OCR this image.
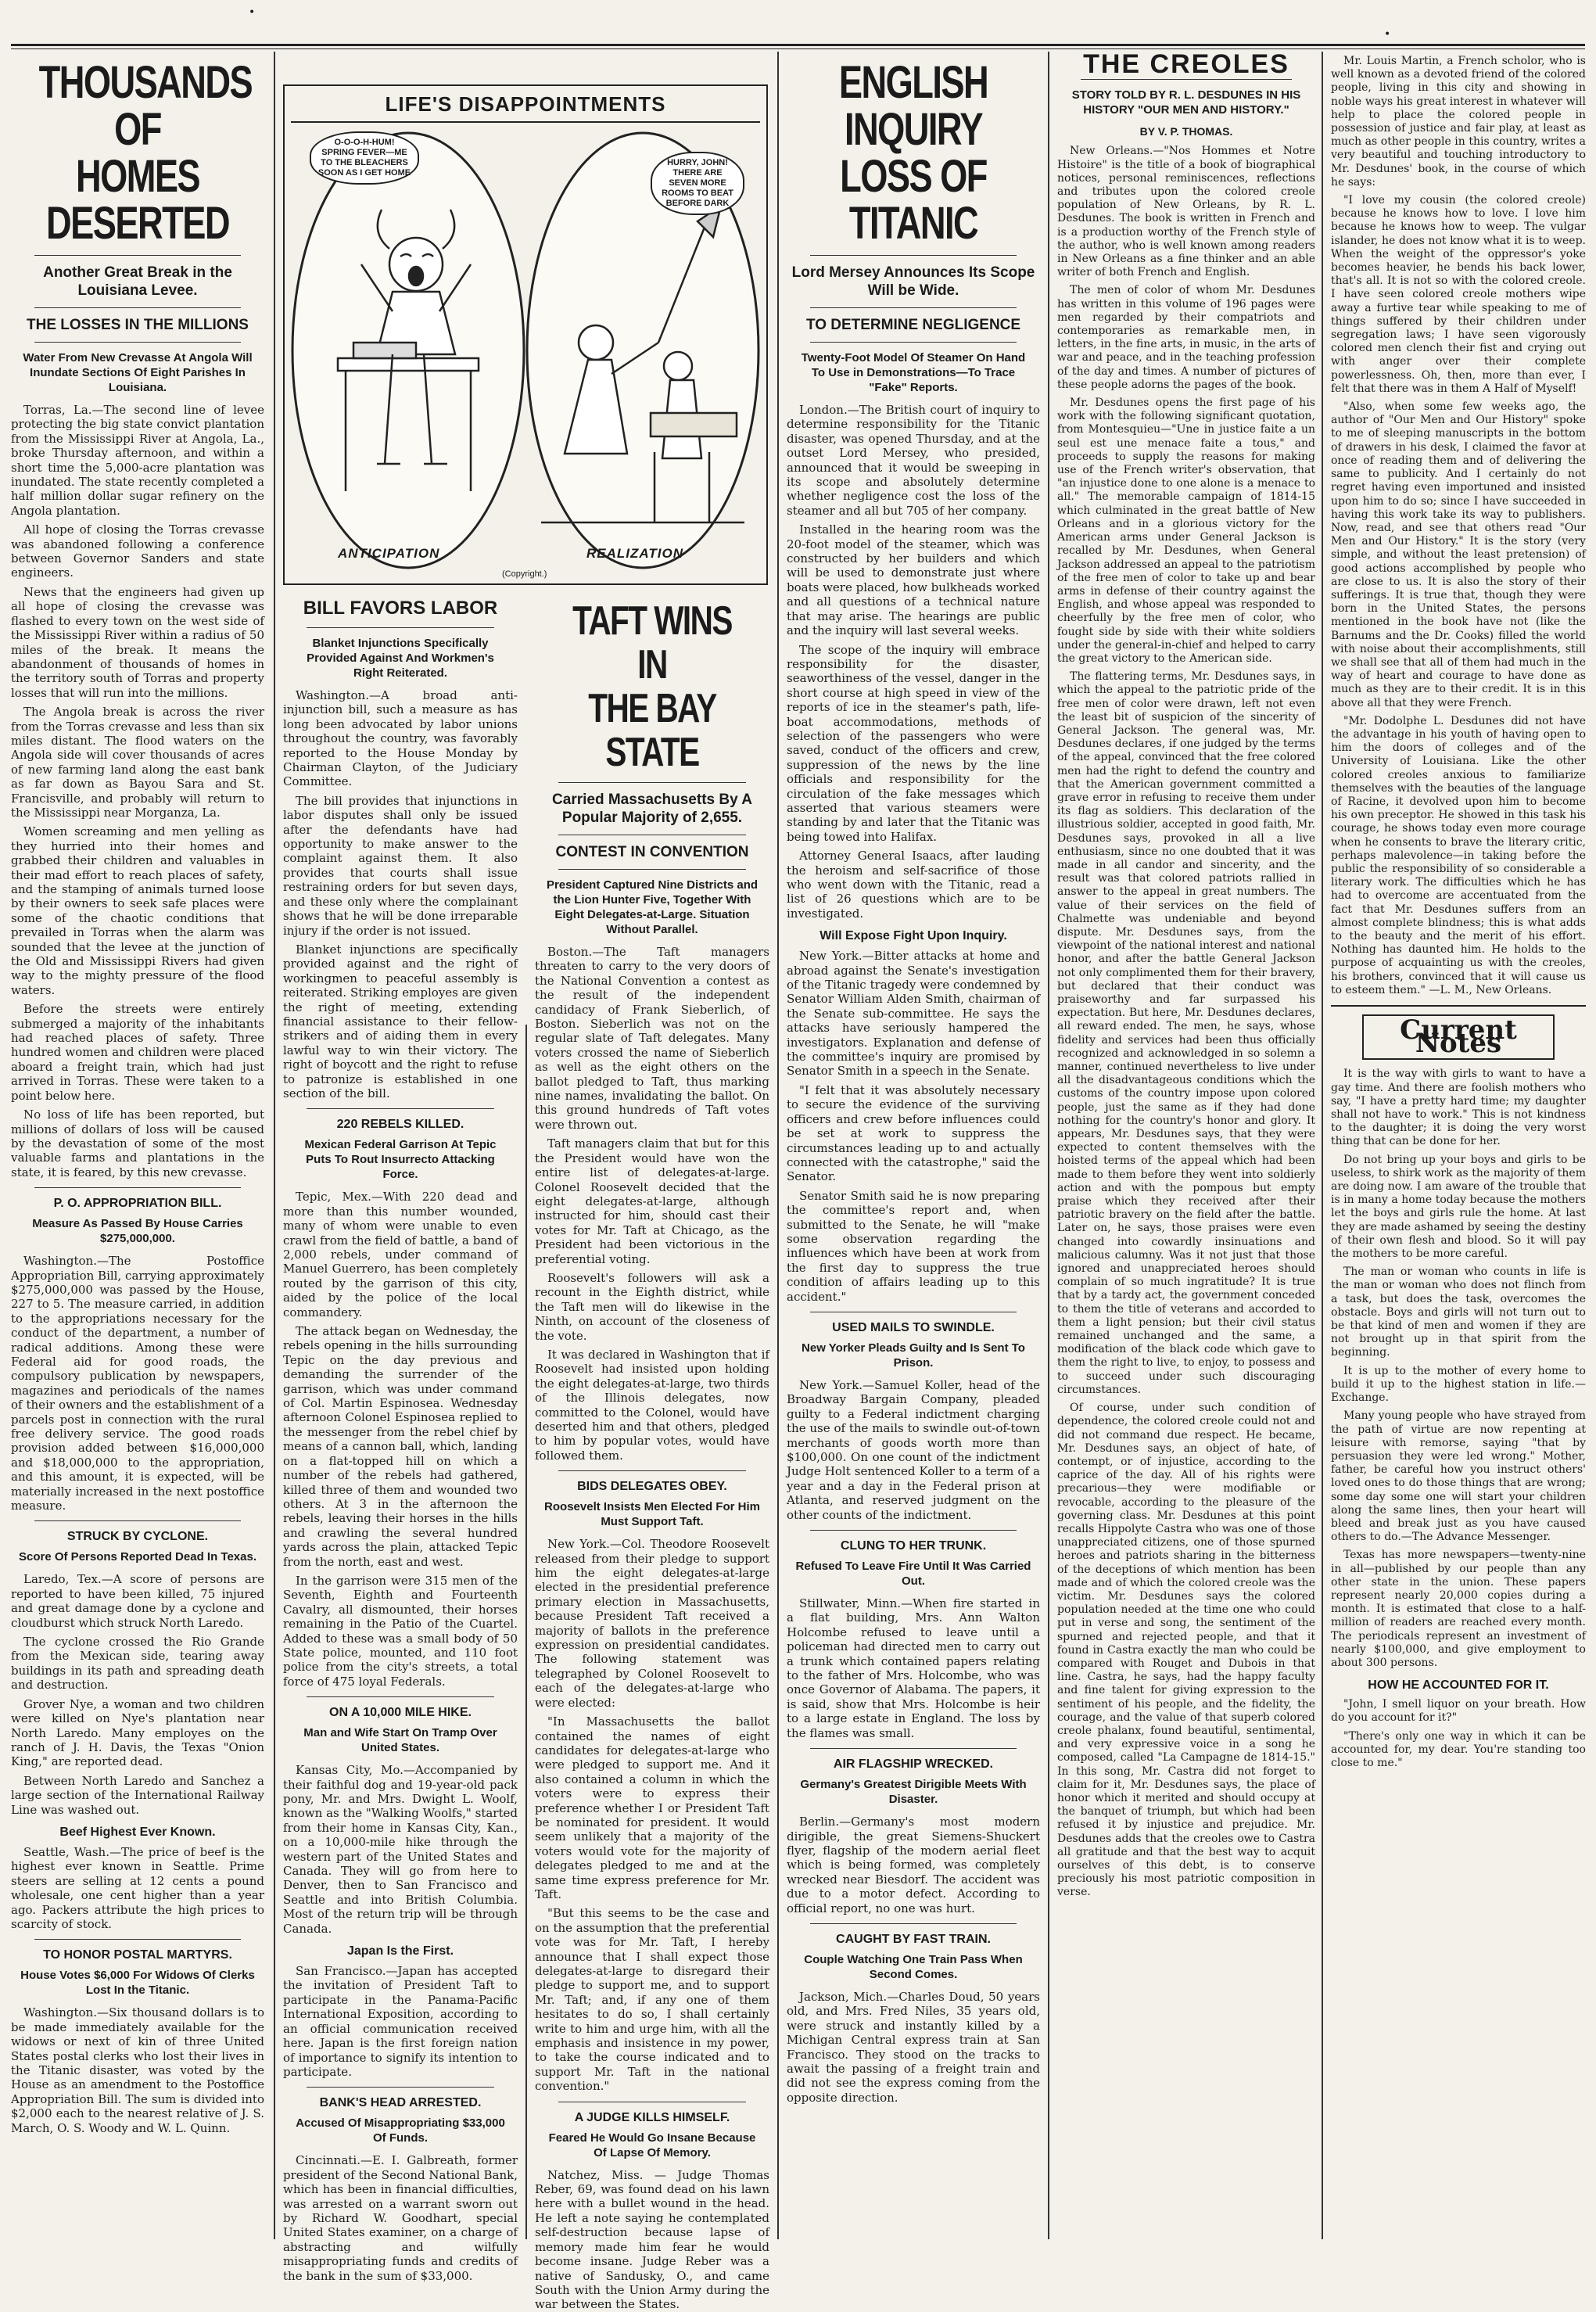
•
•
THOUSANDS OF
HOMES DESERTED
Another Great Break in the Louisiana Levee.
THE LOSSES IN THE MILLIONS
Water From New Crevasse At Angola Will Inundate Sections Of Eight Parishes In Louisiana.

Torras, La.—The second line of levee protecting the big state convict plantation from the Mississippi River at Angola, La., broke Thursday afternoon, and within a short time the 5,000-acre plantation was inundated. The state recently completed a half million dollar sugar refinery on the Angola plantation.

All hope of closing the Torras crevasse was abandoned following a conference between Governor Sanders and state engineers.

News that the engineers had given up all hope of closing the crevasse was flashed to every town on the west side of the Mississippi River within a radius of 50 miles of the break. It means the abandonment of thousands of homes in the territory south of Torras and property losses that will run into the millions.

The Angola break is across the river from the Torras crevasse and less than six miles distant. The flood waters on the Angola side will cover thousands of acres of new farming land along the east bank as far down as Bayou Sara and St. Francisville, and probably will return to the Mississippi near Morganza, La.

Women screaming and men yelling as they hurried into their homes and grabbed their children and valuables in their mad effort to reach places of safety, and the stamping of animals turned loose by their owners to seek safe places were some of the chaotic conditions that prevailed in Torras when the alarm was sounded that the levee at the junction of the Old and Mississippi Rivers had given way to the mighty pressure of the flood waters.

Before the streets were entirely submerged a majority of the inhabitants had reached places of safety. Three hundred women and children were placed aboard a freight train, which had just arrived in Torras. These were taken to a point below here.

No loss of life has been reported, but millions of dollars of loss will be caused by the devastation of some of the most valuable farms and plantations in the state, it is feared, by this new crevasse.

P. O. APPROPRIATION BILL.
Measure As Passed By House Carries $275,000,000.

Washington.—The Postoffice Appropriation Bill, carrying approximately $275,000,000 was passed by the House, 227 to 5. The measure carried, in addition to the appropriations necessary for the conduct of the department, a number of radical additions. Among these were Federal aid for good roads, the compulsory publication by newspapers, magazines and periodicals of the names of their owners and the establishment of a parcels post in connection with the rural free delivery service. The good roads provision added between $16,000,000 and $18,000,000 to the appropriation, and this amount, it is expected, will be materially increased in the next postoffice measure.

STRUCK BY CYCLONE.
Score Of Persons Reported Dead In Texas.

Laredo, Tex.—A score of persons are reported to have been killed, 75 injured and great damage done by a cyclone and cloudburst which struck North Laredo.

The cyclone crossed the Rio Grande from the Mexican side, tearing away buildings in its path and spreading death and destruction.

Grover Nye, a woman and two children were killed on Nye's plantation near North Laredo. Many employes on the ranch of J. H. Davis, the Texas "Onion King," are reported dead.

Between North Laredo and Sanchez a large section of the International Railway Line was washed out.

Beef Highest Ever Known.

Seattle, Wash.—The price of beef is the highest ever known in Seattle. Prime steers are selling at 12 cents a pound wholesale, one cent higher than a year ago. Packers attribute the high prices to scarcity of stock.

TO HONOR POSTAL MARTYRS.
House Votes $6,000 For Widows Of Clerks Lost In the Titanic.

Washington.—Six thousand dollars is to be made immediately available for the widows or next of kin of three United States postal clerks who lost their lives in the Titanic disaster, was voted by the House as an amendment to the Postoffice Appropriation Bill. The sum is divided into $2,000 each to the nearest relative of J. S. March, O. S. Woody and W. L. Quinn.

LIFE'S DISAPPOINTMENTS
O-O-O-H-HUM! SPRING FEVER—ME TO THE BLEACHERS SOON AS I GET HOME
HURRY, JOHN! THERE ARE SEVEN MORE ROOMS TO BEAT BEFORE DARK
ANTICIPATION	REALIZATION
(Copyright.)
BILL FAVORS LABOR
Blanket Injunctions Specifically Provided Against And Workmen's Right Reiterated.

Washington.—A broad anti-injunction bill, such a measure as has long been advocated by labor unions throughout the country, was favorably reported to the House Monday by Chairman Clayton, of the Judiciary Committee.

The bill provides that injunctions in labor disputes shall only be issued after the defendants have had opportunity to make answer to the complaint against them. It also provides that courts shall issue restraining orders for but seven days, and these only where the complainant shows that he will be done irreparable injury if the order is not issued.

Blanket injunctions are specifically provided against and the right of workingmen to peaceful assembly is reiterated. Striking employes are given the right of meeting, extending financial assistance to their fellow-strikers and of aiding them in every lawful way to win their victory. The right of boycott and the right to refuse to patronize is established in one section of the bill.

220 REBELS KILLED.
Mexican Federal Garrison At Tepic Puts To Rout Insurrecto Attacking Force.

Tepic, Mex.—With 220 dead and more than this number wounded, many of whom were unable to even crawl from the field of battle, a band of 2,000 rebels, under command of Manuel Guerrero, has been completely routed by the garrison of this city, aided by the police of the local commandery.

The attack began on Wednesday, the rebels opening in the hills surrounding Tepic on the day previous and demanding the surrender of the garrison, which was under command of Col. Martin Espinosea. Wednesday afternoon Colonel Espinosea replied to the messenger from the rebel chief by means of a cannon ball, which, landing on a flat-topped hill on which a number of the rebels had gathered, killed three of them and wounded two others. At 3 in the afternoon the rebels, leaving their horses in the hills and crawling the several hundred yards across the plain, attacked Tepic from the north, east and west.

In the garrison were 315 men of the Seventh, Eighth and Fourteenth Cavalry, all dismounted, their horses remaining in the Patio of the Cuartel. Added to these was a small body of 50 State police, mounted, and 110 foot police from the city's streets, a total force of 475 loyal Federals.

ON A 10,000 MILE HIKE.
Man and Wife Start On Tramp Over United States.

Kansas City, Mo.—Accompanied by their faithful dog and 19-year-old pack pony, Mr. and Mrs. Dwight L. Woolf, known as the "Walking Woolfs," started from their home in Kansas City, Kan., on a 10,000-mile hike through the western part of the United States and Canada. They will go from here to Denver, then to San Francisco and Seattle and into British Columbia. Most of the return trip will be through Canada.

Japan Is the First.

San Francisco.—Japan has accepted the invitation of President Taft to participate in the Panama-Pacific International Exposition, according to an official communication received here. Japan is the first foreign nation of importance to signify its intention to participate.

BANK'S HEAD ARRESTED.
Accused Of Misappropriating $33,000 Of Funds.

Cincinnati.—E. I. Galbreath, former president of the Second National Bank, which has been in financial difficulties, was arrested on a warrant sworn out by Richard W. Goodhart, special United States examiner, on a charge of abstracting and wilfully misappropriating funds and credits of the bank in the sum of $33,000.

TAFT WINS IN
THE BAY STATE
Carried Massachusetts By A Popular Majority of 2,655.
CONTEST IN CONVENTION
President Captured Nine Districts and the Lion Hunter Five, Together With Eight Delegates-at-Large. Situation Without Parallel.

Boston.—The Taft managers threaten to carry to the very doors of the National Convention a contest as the result of the independent candidacy of Frank Sieberlich, of Boston. Sieberlich was not on the regular slate of Taft delegates. Many voters crossed the name of Sieberlich as well as the eight others on the ballot pledged to Taft, thus marking nine names, invalidating the ballot. On this ground hundreds of Taft votes were thrown out.

Taft managers claim that but for this the President would have won the entire list of delegates-at-large. Colonel Roosevelt decided that the eight delegates-at-large, although instructed for him, should cast their votes for Mr. Taft at Chicago, as the President had been victorious in the preferential voting.

Roosevelt's followers will ask a recount in the Eighth district, while the Taft men will do likewise in the Ninth, on account of the closeness of the vote.

It was declared in Washington that if Roosevelt had insisted upon holding the eight delegates-at-large, two thirds of the Illinois delegates, now committed to the Colonel, would have deserted him and that others, pledged to him by popular votes, would have followed them.

BIDS DELEGATES OBEY.
Roosevelt Insists Men Elected For Him Must Support Taft.

New York.—Col. Theodore Roosevelt released from their pledge to support him the eight delegates-at-large elected in the presidential preference primary election in Massachusetts, because President Taft received a majority of ballots in the preference expression on presidential candidates. The following statement was telegraphed by Colonel Roosevelt to each of the delegates-at-large who were elected:

"In Massachusetts the ballot contained the names of eight candidates for delegates-at-large who were pledged to support me. And it also contained a column in which the voters were to express their preference whether I or President Taft be nominated for president. It would seem unlikely that a majority of the voters would vote for the majority of delegates pledged to me and at the same time express preference for Mr. Taft.

"But this seems to be the case and on the assumption that the preferential vote was for Mr. Taft, I hereby announce that I shall expect those delegates-at-large to disregard their pledge to support me, and to support Mr. Taft; and, if any one of them hesitates to do so, I shall certainly write to him and urge him, with all the emphasis and insistence in my power, to take the course indicated and to support Mr. Taft in the national convention."

A JUDGE KILLS HIMSELF.
Feared He Would Go Insane Because Of Lapse Of Memory.

Natchez, Miss. — Judge Thomas Reber, 69, was found dead on his lawn here with a bullet wound in the head. He left a note saying he contemplated self-destruction because lapse of memory made him fear he would become insane. Judge Reber was a native of Sandusky, O., and came South with the Union Army during the war between the States.

ENGLISH INQUIRY
LOSS OF TITANIC
Lord Mersey Announces Its Scope Will be Wide.
TO DETERMINE NEGLIGENCE
Twenty-Foot Model Of Steamer On Hand To Use in Demonstrations—To Trace "Fake" Reports.

London.—The British court of inquiry to determine responsibility for the Titanic disaster, was opened Thursday, and at the outset Lord Mersey, who presided, announced that it would be sweeping in its scope and absolutely determine whether negligence cost the loss of the steamer and all but 705 of her company.

Installed in the hearing room was the 20-foot model of the steamer, which was constructed by her builders and which will be used to demonstrate just where boats were placed, how bulkheads worked and all questions of a technical nature that may arise. The hearings are public and the inquiry will last several weeks.

The scope of the inquiry will embrace responsibility for the disaster, seaworthiness of the vessel, danger in the short course at high speed in view of the reports of ice in the steamer's path, life-boat accommodations, methods of selection of the passengers who were saved, conduct of the officers and crew, suppression of the news by the line officials and responsibility for the circulation of the fake messages which asserted that various steamers were standing by and later that the Titanic was being towed into Halifax.

Attorney General Isaacs, after lauding the heroism and self-sacrifice of those who went down with the Titanic, read a list of 26 questions which are to be investigated.

Will Expose Fight Upon Inquiry.

New York.—Bitter attacks at home and abroad against the Senate's investigation of the Titanic tragedy were condemned by Senator William Alden Smith, chairman of the Senate sub-committee. He says the attacks have seriously hampered the investigators. Explanation and defense of the committee's inquiry are promised by Senator Smith in a speech in the Senate.

"I felt that it was absolutely necessary to secure the evidence of the surviving officers and crew before influences could be set at work to suppress the circumstances leading up to and actually connected with the catastrophe," said the Senator.

Senator Smith said he is now preparing the committee's report and, when submitted to the Senate, he will "make some observation regarding the influences which have been at work from the first day to suppress the true condition of affairs leading up to this accident."

USED MAILS TO SWINDLE.
New Yorker Pleads Guilty and Is Sent To Prison.

New York.—Samuel Koller, head of the Broadway Bargain Company, pleaded guilty to a Federal indictment charging the use of the mails to swindle out-of-town merchants of goods worth more than $100,000. On one count of the indictment Judge Holt sentenced Koller to a term of a year and a day in the Federal prison at Atlanta, and reserved judgment on the other counts of the indictment.

CLUNG TO HER TRUNK.
Refused To Leave Fire Until It Was Carried Out.

Stillwater, Minn.—When fire started in a flat building, Mrs. Ann Walton Holcombe refused to leave until a policeman had directed men to carry out a trunk which contained papers relating to the father of Mrs. Holcombe, who was once Governor of Alabama. The papers, it is said, show that Mrs. Holcombe is heir to a large estate in England. The loss by the flames was small.

AIR FLAGSHIP WRECKED.
Germany's Greatest Dirigible Meets With Disaster.

Berlin.—Germany's most modern dirigible, the great Siemens-Shuckert flyer, flagship of the modern aerial fleet which is being formed, was completely wrecked near Biesdorf. The accident was due to a motor defect. According to official report, no one was hurt.

CAUGHT BY FAST TRAIN.
Couple Watching One Train Pass When Second Comes.

Jackson, Mich.—Charles Doud, 50 years old, and Mrs. Fred Niles, 35 years old, were struck and instantly killed by a Michigan Central express train at San Francisco. They stood on the tracks to await the passing of a freight train and did not see the express coming from the opposite direction.

THE CREOLES
STORY TOLD BY R. L. DESDUNES IN HIS HISTORY "OUR MEN AND HISTORY."
BY V. P. THOMAS.

New Orleans.—"Nos Hommes et Notre Histoire" is the title of a book of biographical notices, personal reminiscences, reflections and tributes upon the colored creole population of New Orleans, by R. L. Desdunes. The book is written in French and is a production worthy of the French style of the author, who is well known among readers in New Orleans as a fine thinker and an able writer of both French and English.

The men of color of whom Mr. Desdunes has written in this volume of 196 pages were men regarded by their compatriots and contemporaries as remarkable men, in letters, in the fine arts, in music, in the arts of war and peace, and in the teaching profession of the day and times. A number of pictures of these people adorns the pages of the book.

Mr. Desdunes opens the first page of his work with the following significant quotation, from Montesquieu—"Une in justice faite a un seul est une menace faite a tous," and proceeds to supply the reasons for making use of the French writer's observation, that "an injustice done to one alone is a menace to all." The memorable campaign of 1814-15 which culminated in the great battle of New Orleans and in a glorious victory for the American arms under General Jackson is recalled by Mr. Desdunes, when General Jackson addressed an appeal to the patriotism of the free men of color to take up and bear arms in defense of their country against the English, and whose appeal was responded to cheerfully by the free men of color, who fought side by side with their white soldiers under the general-in-chief and helped to carry the great victory to the American side.

The flattering terms, Mr. Desdunes says, in which the appeal to the patriotic pride of the free men of color were drawn, left not even the least bit of suspicion of the sincerity of General Jackson. The general was, Mr. Desdunes declares, if one judged by the terms of the appeal, convinced that the free colored men had the right to defend the country and that the American government committed a grave error in refusing to receive them under its flag as soldiers. This declaration of the illustrious soldier, accepted in good faith, Mr. Desdunes says, provoked in all a live enthusiasm, since no one doubted that it was made in all candor and sincerity, and the result was that colored patriots rallied in answer to the appeal in great numbers. The value of their services on the field of Chalmette was undeniable and beyond dispute. Mr. Desdunes says, from the viewpoint of the national interest and national honor, and after the battle General Jackson not only complimented them for their bravery, but declared that their conduct was praiseworthy and far surpassed his expectation. But here, Mr. Desdunes declares, all reward ended. The men, he says, whose fidelity and services had been thus officially recognized and acknowledged in so solemn a manner, continued nevertheless to live under all the disadvantageous conditions which the customs of the country impose upon colored people, just the same as if they had done nothing for the country's honor and glory. It appears, Mr. Desdunes says, that they were expected to content themselves with the hoisted terms of the appeal which had been made to them before they went into soldierly action and with the pompous but empty praise which they received after their patriotic bravery on the field after the battle. Later on, he says, those praises were even changed into cowardly insinuations and malicious calumny. Was it not just that those ignored and unappreciated heroes should complain of so much ingratitude? It is true that by a tardy act, the government conceded to them the title of veterans and accorded to them a light pension; but their civil status remained unchanged and the same, a modification of the black code which gave to them the right to live, to enjoy, to possess and to succeed under such discouraging circumstances.

Of course, under such condition of dependence, the colored creole could not and did not command due respect. He became, Mr. Desdunes says, an object of hate, of contempt, or of injustice, according to the caprice of the day. All of his rights were precarious—they were modifiable or revocable, according to the pleasure of the governing class. Mr. Desdunes at this point recalls Hippolyte Castra who was one of those unappreciated citizens, one of those spurned heroes and patriots sharing in the bitterness of the deceptions of which mention has been made and of which the colored creole was the victim. Mr. Desdunes says the colored population needed at the time one who could put in verse and song, the sentiment of the spurned and rejected people, and that it found in Castra exactly the man who could be compared with Rouget and Dubois in that line. Castra, he says, had the happy faculty and fine talent for giving expression to the sentiment of his people, and the fidelity, the courage, and the value of that superb colored creole phalanx, found beautiful, sentimental, and very expressive voice in a song he composed, called "La Campagne de 1814-15." In this song, Mr. Castra did not forget to claim for it, Mr. Desdunes says, the place of honor which it merited and should occupy at the banquet of triumph, but which had been refused it by injustice and prejudice. Mr. Desdunes adds that the creoles owe to Castra all gratitude and that the best way to acquit ourselves of this debt, is to conserve preciously his most patriotic composition in verse.

Mr. Louis Martin, a French scholor, who is well known as a devoted friend of the colored people, living in this city and showing in noble ways his great interest in whatever will help to place the colored people in possession of justice and fair play, at least as much as other people in this country, writes a very beautiful and touching introductory to Mr. Desdunes' book, in the course of which he says:

"I love my cousin (the colored creole) because he knows how to love. I love him because he knows how to weep. The vulgar islander, he does not know what it is to weep. When the weight of the oppressor's yoke becomes heavier, he bends his back lower, that's all. It is not so with the colored creole. I have seen colored creole mothers wipe away a furtive tear while speaking to me of things suffered by their children under segregation laws; I have seen vigorously colored men clench their fist and crying out with anger over their complete powerlessness. Oh, then, more than ever, I felt that there was in them A Half of Myself!

"Also, when some few weeks ago, the author of "Our Men and Our History" spoke to me of sleeping manuscripts in the bottom of drawers in his desk, I claimed the favor at once of reading them and of delivering the same to publicity. And I certainly do not regret having even importuned and insisted upon him to do so; since I have succeeded in having this work take its way to publishers. Now, read, and see that others read "Our Men and Our History." It is the story (very simple, and without the least pretension) of good actions accomplished by people who are close to us. It is also the story of their sufferings. It is true that, though they were born in the United States, the persons mentioned in the book have not (like the Barnums and the Dr. Cooks) filled the world with noise about their accomplishments, still we shall see that all of them had much in the way of heart and courage to have done as much as they are to their credit. It is in this above all that they were French.

"Mr. Dodolphe L. Desdunes did not have the advantage in his youth of having open to him the doors of colleges and of the University of Louisiana. Like the other colored creoles anxious to familiarize themselves with the beauties of the language of Racine, it devolved upon him to become his own preceptor. He showed in this task his courage, he shows today even more courage when he consents to brave the literary critic, perhaps malevolence—in taking before the public the responsibility of so considerable a literary work. The difficulties which he has had to overcome are accentuated from the fact that Mr. Desdunes suffers from an almost complete blindness; this is what adds to the beauty and the merit of his effort. Nothing has daunted him. He holds to the purpose of acquainting us with the creoles, his brothers, convinced that it will cause us to esteem them." —L. M., New Orleans.

Current Notes

It is the way with girls to want to have a gay time. And there are foolish mothers who say, "I have a pretty hard time; my daughter shall not have to work." This is not kindness to the daughter; it is doing the very worst thing that can be done for her.

Do not bring up your boys and girls to be useless, to shirk work as the majority of them are doing now. I am aware of the trouble that is in many a home today because the mothers let the boys and girls rule the home. At last they are made ashamed by seeing the destiny of their own flesh and blood. So it will pay the mothers to be more careful.

The man or woman who counts in life is the man or woman who does not flinch from a task, but does the task, overcomes the obstacle. Boys and girls will not turn out to be that kind of men and women if they are not brought up in that spirit from the beginning.

It is up to the mother of every home to build it up to the highest station in life.—Exchange.

Many young people who have strayed from the path of virtue are now repenting at leisure with remorse, saying "that by persuasion they were led wrong." Mother, father, be careful how you instruct others' loved ones to do those things that are wrong; some day some one will start your children along the same lines, then your heart will bleed and break just as you have caused others to do.—The Advance Messenger.

Texas has more newspapers—twenty-nine in all—published by our people than any other state in the union. These papers represent nearly 20,000 copies during a month. It is estimated that close to a half-million of readers are reached every month. The periodicals represent an investment of nearly $100,000, and give employment to about 300 persons.

HOW HE ACCOUNTED FOR IT.

"John, I smell liquor on your breath. How do you account for it?"

"There's only one way in which it can be accounted for, my dear. You're standing too close to me."
